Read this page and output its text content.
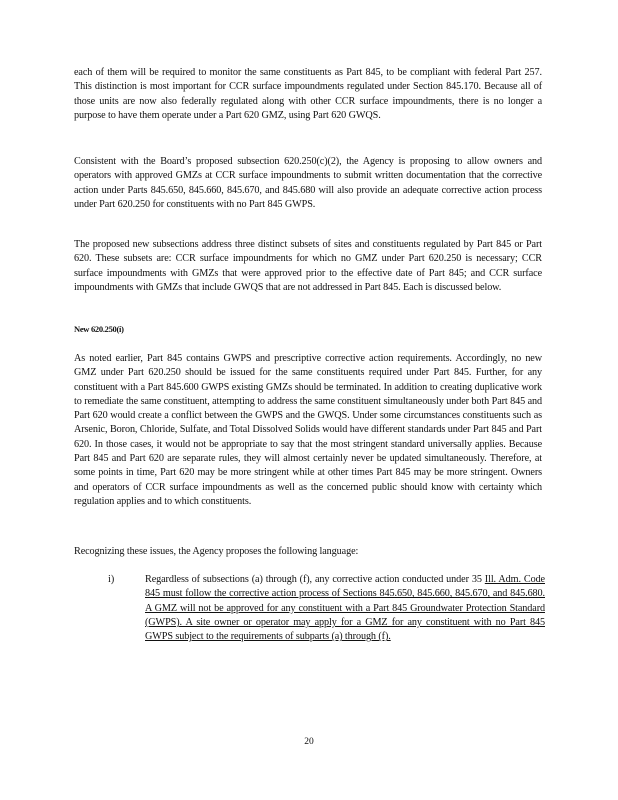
each of them will be required to monitor the same constituents as Part 845, to be compliant with federal Part 257. This distinction is most important for CCR surface impoundments regulated under Section 845.170. Because all of those units are now also federally regulated along with other CCR surface impoundments, there is no longer a purpose to have them operate under a Part 620 GMZ, using Part 620 GWQS.

Consistent with the Board’s proposed subsection 620.250(c)(2), the Agency is proposing to allow owners and operators with approved GMZs at CCR surface impoundments to submit written documentation that the corrective action under Parts 845.650, 845.660, 845.670, and 845.680 will also provide an adequate corrective action process under Part 620.250 for constituents with no Part 845 GWPS.

The proposed new subsections address three distinct subsets of sites and constituents regulated by Part 845 or Part 620. These subsets are: CCR surface impoundments for which no GMZ under Part 620.250 is necessary; CCR surface impoundments with GMZs that were approved prior to the effective date of Part 845; and CCR surface impoundments with GMZs that include GWQS that are not addressed in Part 845. Each is discussed below.

New 620.250(i)

As noted earlier, Part 845 contains GWPS and prescriptive corrective action requirements. Accordingly, no new GMZ under Part 620.250 should be issued for the same constituents required under Part 845. Further, for any constituent with a Part 845.600 GWPS existing GMZs should be terminated. In addition to creating duplicative work to remediate the same constituent, attempting to address the same constituent simultaneously under both Part 845 and Part 620 would create a conflict between the GWPS and the GWQS. Under some circumstances constituents such as Arsenic, Boron, Chloride, Sulfate, and Total Dissolved Solids would have different standards under Part 845 and Part 620. In those cases, it would not be appropriate to say that the most stringent standard universally applies. Because Part 845 and Part 620 are separate rules, they will almost certainly never be updated simultaneously. Therefore, at some points in time, Part 620 may be more stringent while at other times Part 845 may be more stringent. Owners and operators of CCR surface impoundments as well as the concerned public should know with certainty which regulation applies and to which constituents.

Recognizing these issues, the Agency proposes the following language:

i)	Regardless of subsections (a) through (f), any corrective action conducted under 35 Ill. Adm. Code 845 must follow the corrective action process of Sections 845.650, 845.660, 845.670, and 845.680. A GMZ will not be approved for any constituent with a Part 845 Groundwater Protection Standard (GWPS). A site owner or operator may apply for a GMZ for any constituent with no Part 845 GWPS subject to the requirements of subparts (a) through (f).
20
